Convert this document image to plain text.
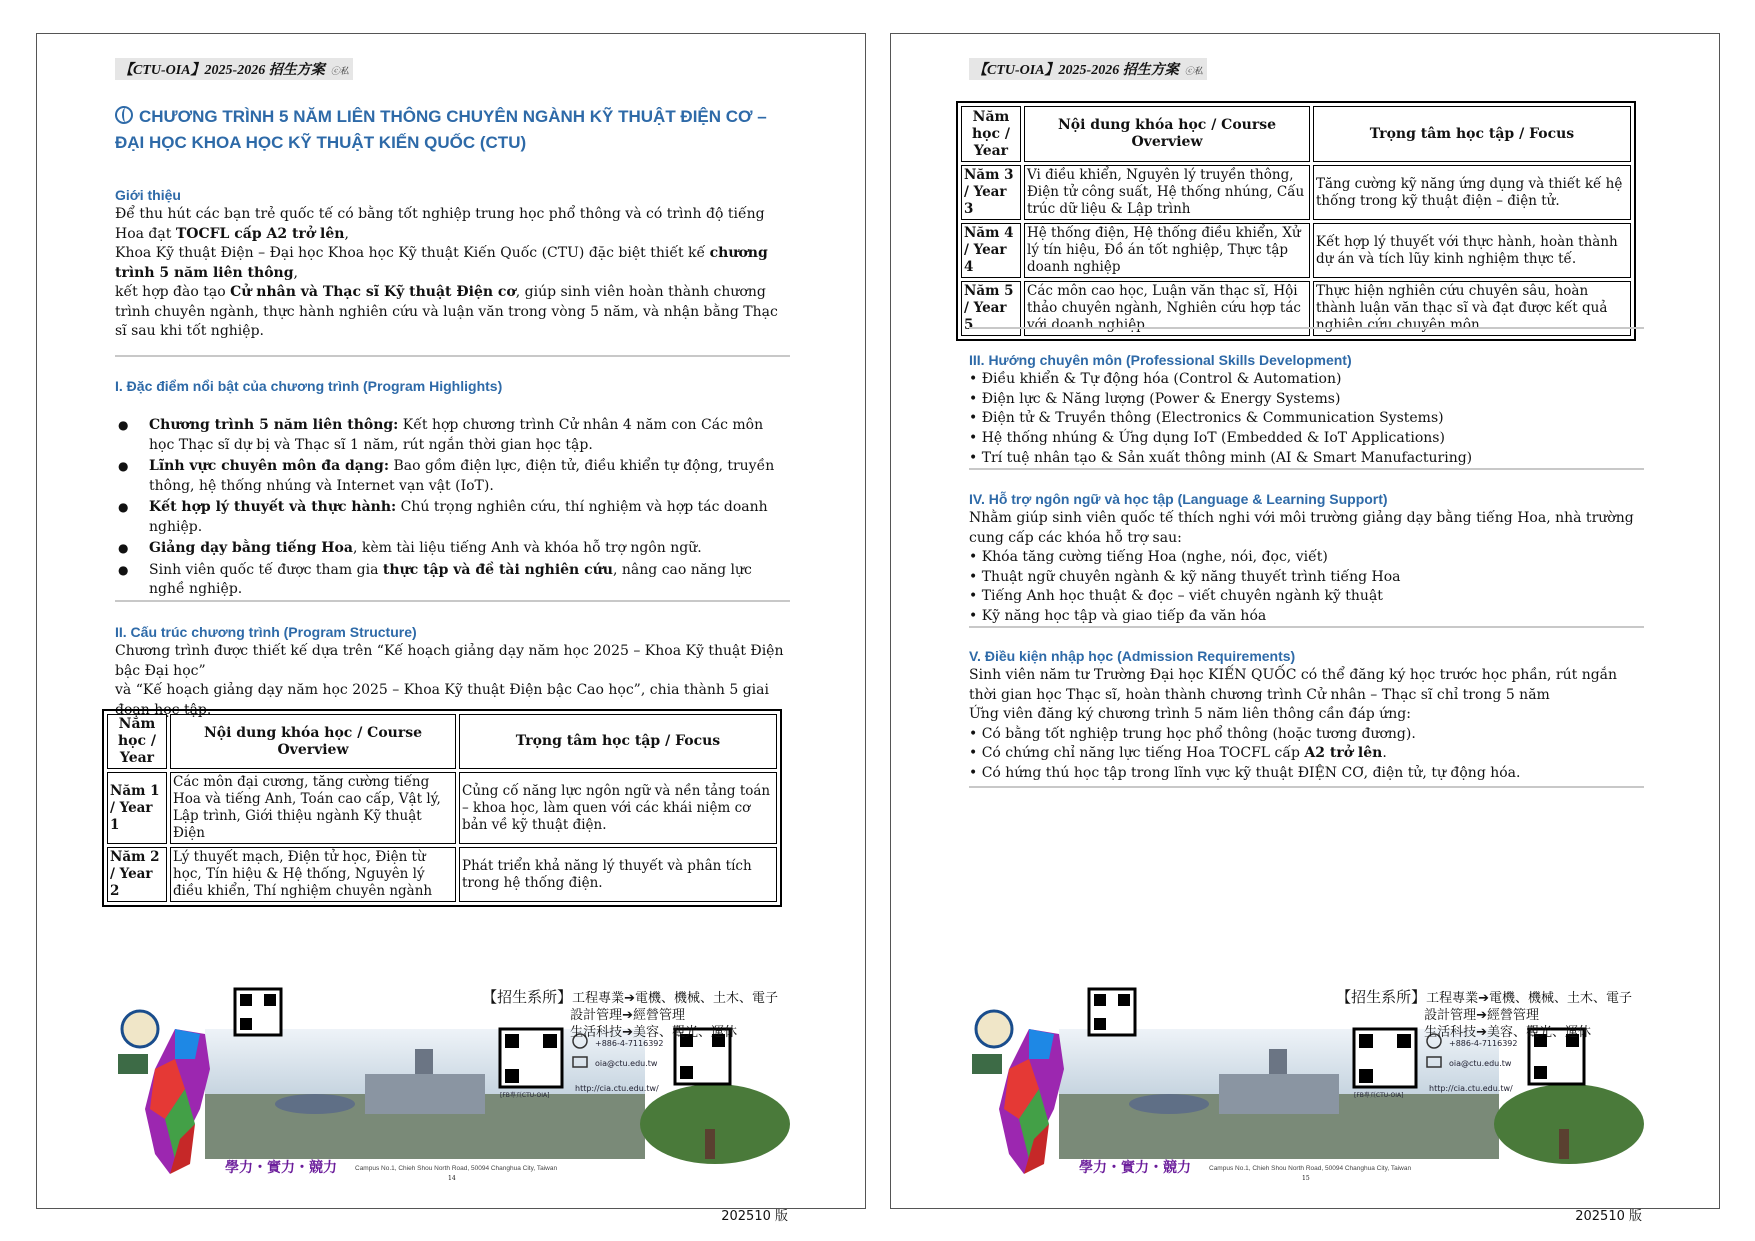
【CTU-OIA】2025-2026 招生方案 ⓒ私
CHƯƠNG TRÌNH 5 NĂM LIÊN THÔNG CHUYÊN NGÀNH KỸ THUẬT ĐIỆN CƠ – ĐẠI HỌC KHOA HỌC KỸ THUẬT KIẾN QUỐC (CTU)
Giới thiệu

Để thu hút các bạn trẻ quốc tế có bằng tốt nghiệp trung học phổ thông và có trình độ tiếng Hoa đạt TOCFL cấp A2 trở lên,

Khoa Kỹ thuật Điện – Đại học Khoa học Kỹ thuật Kiến Quốc (CTU) đặc biệt thiết kế chương trình 5 năm liên thông,

kết hợp đào tạo Cử nhân và Thạc sĩ Kỹ thuật Điện cơ, giúp sinh viên hoàn thành chương trình chuyên ngành, thực hành nghiên cứu và luận văn trong vòng 5 năm, và nhận bằng Thạc sĩ sau khi tốt nghiệp.

I. Đặc điểm nổi bật của chương trình (Program Highlights)
● Chương trình 5 năm liên thông: Kết hợp chương trình Cử nhân 4 năm con Các môn học Thạc sĩ dự bị và Thạc sĩ 1 năm, rút ngắn thời gian học tập.
● Lĩnh vực chuyên môn đa dạng: Bao gồm điện lực, điện tử, điều khiển tự động, truyền thông, hệ thống nhúng và Internet vạn vật (IoT).
● Kết hợp lý thuyết và thực hành: Chú trọng nghiên cứu, thí nghiệm và hợp tác doanh nghiệp.
● Giảng dạy bằng tiếng Hoa, kèm tài liệu tiếng Anh và khóa hỗ trợ ngôn ngữ.
● Sinh viên quốc tế được tham gia thực tập và đề tài nghiên cứu, nâng cao năng lực nghề nghiệp.
II. Cấu trúc chương trình (Program Structure)

Chương trình được thiết kế dựa trên “Kế hoạch giảng dạy năm học 2025 – Khoa Kỹ thuật Điện bậc Đại học”

và “Kế hoạch giảng dạy năm học 2025 – Khoa Kỹ thuật Điện bậc Cao học”, chia thành 5 giai đoạn học tập.

Năm học / Year	Nội dung khóa học / Course Overview	Trọng tâm học tập / Focus
Năm 1 / Year 1	Các môn đại cương, tăng cường tiếng Hoa và tiếng Anh, Toán cao cấp, Vật lý, Lập trình, Giới thiệu ngành Kỹ thuật Điện	Củng cố năng lực ngôn ngữ và nền tảng toán – khoa học, làm quen với các khái niệm cơ bản về kỹ thuật điện.
Năm 2 / Year 2	Lý thuyết mạch, Điện tử học, Điện từ học, Tín hiệu & Hệ thống, Nguyên lý điều khiển, Thí nghiệm chuyên ngành	Phát triển khả năng lý thuyết và phân tích trong hệ thống điện.
【招生系所】工程專業➔電機、機械、土木、電子
設計管理➔經營管理
生活科技➔美容、觀光、運休
[FB專頁CTU-OIA]
+886-4-7116392
oia@ctu.edu.tw
http://cia.ctu.edu.tw/
學力・實力・競力	Campus No.1, Chieh Shou North Road, 50094 Changhua City, Taiwan
14
202510 版
【CTU-OIA】2025-2026 招生方案 ⓒ私
Năm học / Year	Nội dung khóa học / Course Overview	Trọng tâm học tập / Focus
Năm 3 / Year 3	Vi điều khiển, Nguyên lý truyền thông, Điện tử công suất, Hệ thống nhúng, Cấu trúc dữ liệu & Lập trình	Tăng cường kỹ năng ứng dụng và thiết kế hệ thống trong kỹ thuật điện – điện tử.
Năm 4 / Year 4	Hệ thống điện, Hệ thống điều khiển, Xử lý tín hiệu, Đồ án tốt nghiệp, Thực tập doanh nghiệp	Kết hợp lý thuyết với thực hành, hoàn thành dự án và tích lũy kinh nghiệm thực tế.
Năm 5 / Year 5	Các môn cao học, Luận văn thạc sĩ, Hội thảo chuyên ngành, Nghiên cứu hợp tác với doanh nghiệp	Thực hiện nghiên cứu chuyên sâu, hoàn thành luận văn thạc sĩ và đạt được kết quả nghiên cứu chuyên môn.
III. Hướng chuyên môn (Professional Skills Development)
• Điều khiển & Tự động hóa (Control & Automation)
• Điện lực & Năng lượng (Power & Energy Systems)
• Điện tử & Truyền thông (Electronics & Communication Systems)
• Hệ thống nhúng & Ứng dụng IoT (Embedded & IoT Applications)
• Trí tuệ nhân tạo & Sản xuất thông minh (AI & Smart Manufacturing)
IV. Hỗ trợ ngôn ngữ và học tập (Language & Learning Support)

Nhằm giúp sinh viên quốc tế thích nghi với môi trường giảng dạy bằng tiếng Hoa, nhà trường cung cấp các khóa hỗ trợ sau:

• Khóa tăng cường tiếng Hoa (nghe, nói, đọc, viết)
• Thuật ngữ chuyên ngành & kỹ năng thuyết trình tiếng Hoa
• Tiếng Anh học thuật & đọc – viết chuyên ngành kỹ thuật
• Kỹ năng học tập và giao tiếp đa văn hóa
V. Điều kiện nhập học (Admission Requirements)

Sinh viên năm tư Trường Đại học KIẾN QUỐC có thể đăng ký học trước học phần, rút ngắn thời gian học Thạc sĩ, hoàn thành chương trình Cử nhân – Thạc sĩ chỉ trong 5 năm

Ứng viên đăng ký chương trình 5 năm liên thông cần đáp ứng:

• Có bằng tốt nghiệp trung học phổ thông (hoặc tương đương).
• Có chứng chỉ năng lực tiếng Hoa TOCFL cấp A2 trở lên.
• Có hứng thú học tập trong lĩnh vực kỹ thuật ĐIỆN CƠ, điện tử, tự động hóa.
【招生系所】工程專業➔電機、機械、土木、電子
設計管理➔經營管理
生活科技➔美容、觀光、運休
[FB專頁CTU-OIA]
+886-4-7116392
oia@ctu.edu.tw
http://cia.ctu.edu.tw/
學力・實力・競力	Campus No.1, Chieh Shou North Road, 50094 Changhua City, Taiwan
15
202510 版
